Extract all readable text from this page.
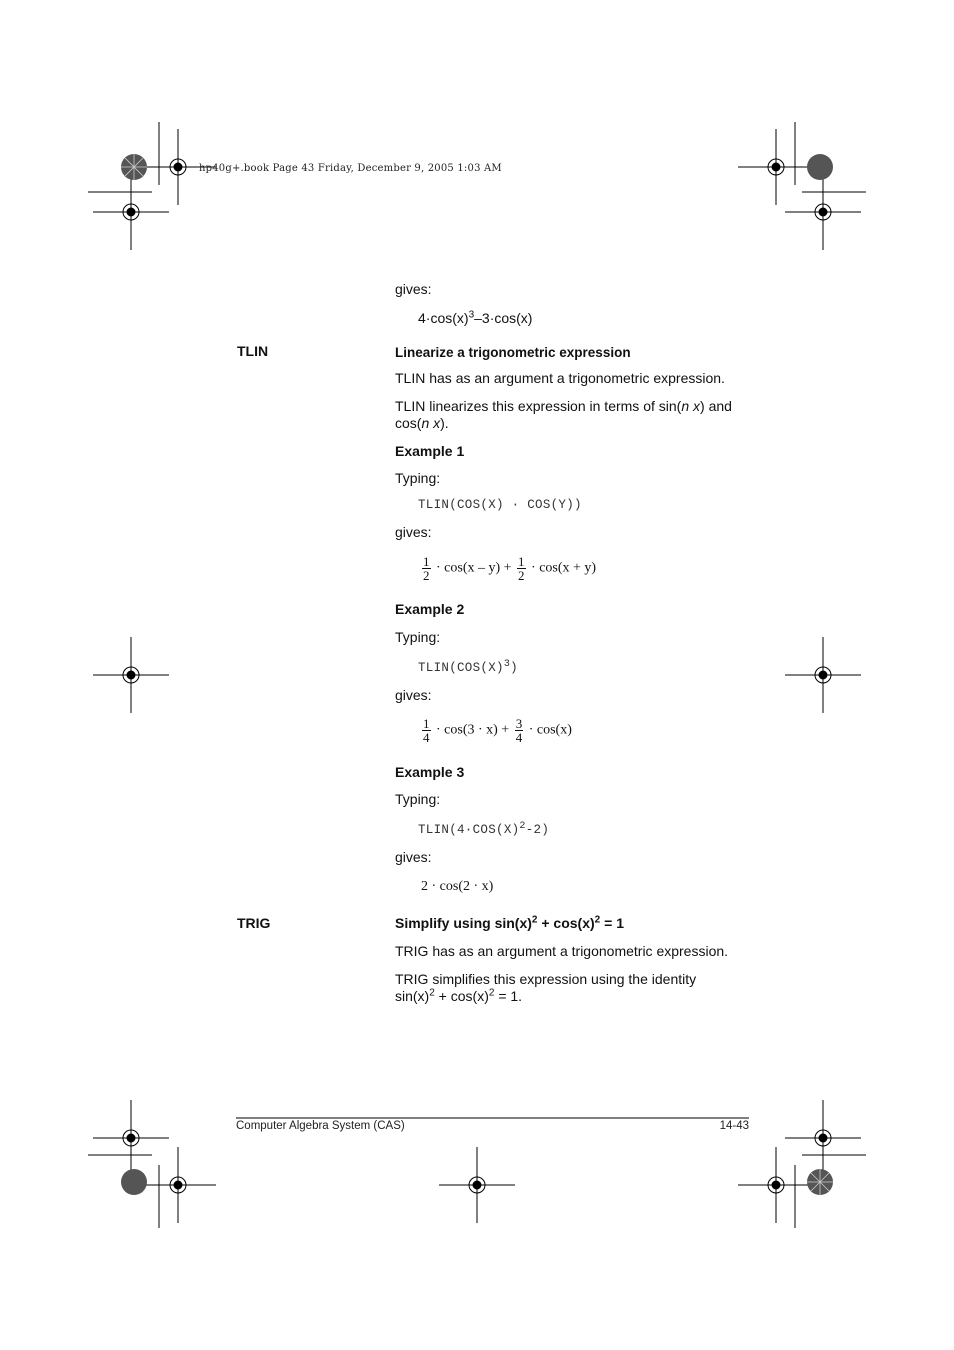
hp40g+.book Page 43 Friday, December 9, 2005 1:03 AM
gives:
$4\cdot\cos(x)^3-3\cdot\cos(x)$
TLIN	Linearize a trigonometric expression
TLIN has as an argument a trigonometric expression.
TLIN linearizes this expression in terms of sin(n x) and
cos(n x).
Example 1
Typing:
TLIN(COS(X) · COS(Y))
gives:
$\frac{1}{2} \cdot \cos(x - y) + \frac{1}{2} \cdot \cos(x + y)$
Example 2
Typing:
$TLIN(COS(X)^3)$
gives:
$\frac{1}{4} \cdot \cos(3 \cdot x) + \frac{3}{4} \cdot \cos(x)$
Example 3
Typing:
$TLIN(4\cdot COS(X)^2-2)$
gives:
2 · cos(2 · x)
TRIG	Simplify using $\sin(x)^2 + \cos(x)^2 = 1$
TRIG has as an argument a trigonometric expression.
TRIG simplifies this expression using the identity
$\sin(x)^2 + \cos(x)^2 = 1$.
Computer Algebra System (CAS)	14-43
